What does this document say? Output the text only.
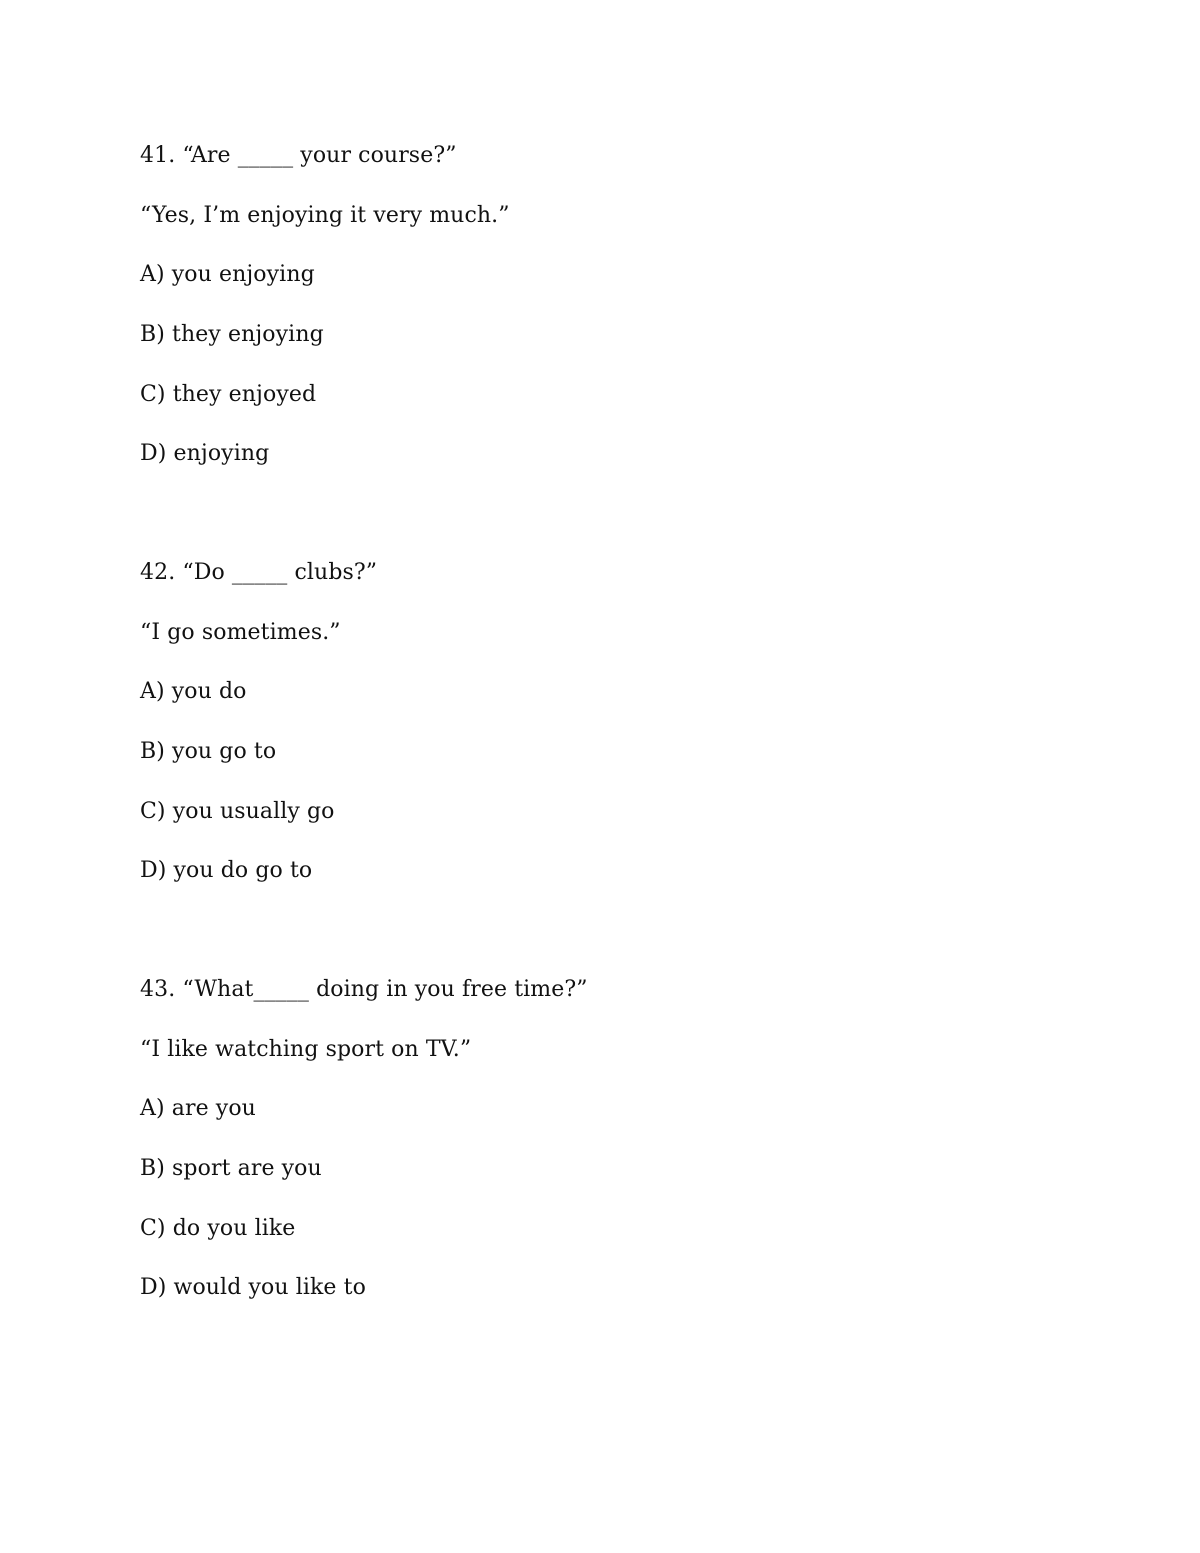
41. “Are _____ your course?”
“Yes, I’m enjoying it very much.”
A) you enjoying
B) they enjoying
C) they enjoyed
D) enjoying
42. “Do _____ clubs?”
“I go sometimes.”
A) you do
B) you go to
C) you usually go
D) you do go to
43. “What_____ doing in you free time?”
“I like watching sport on TV.”
A) are you
B) sport are you
C) do you like
D) would you like to
